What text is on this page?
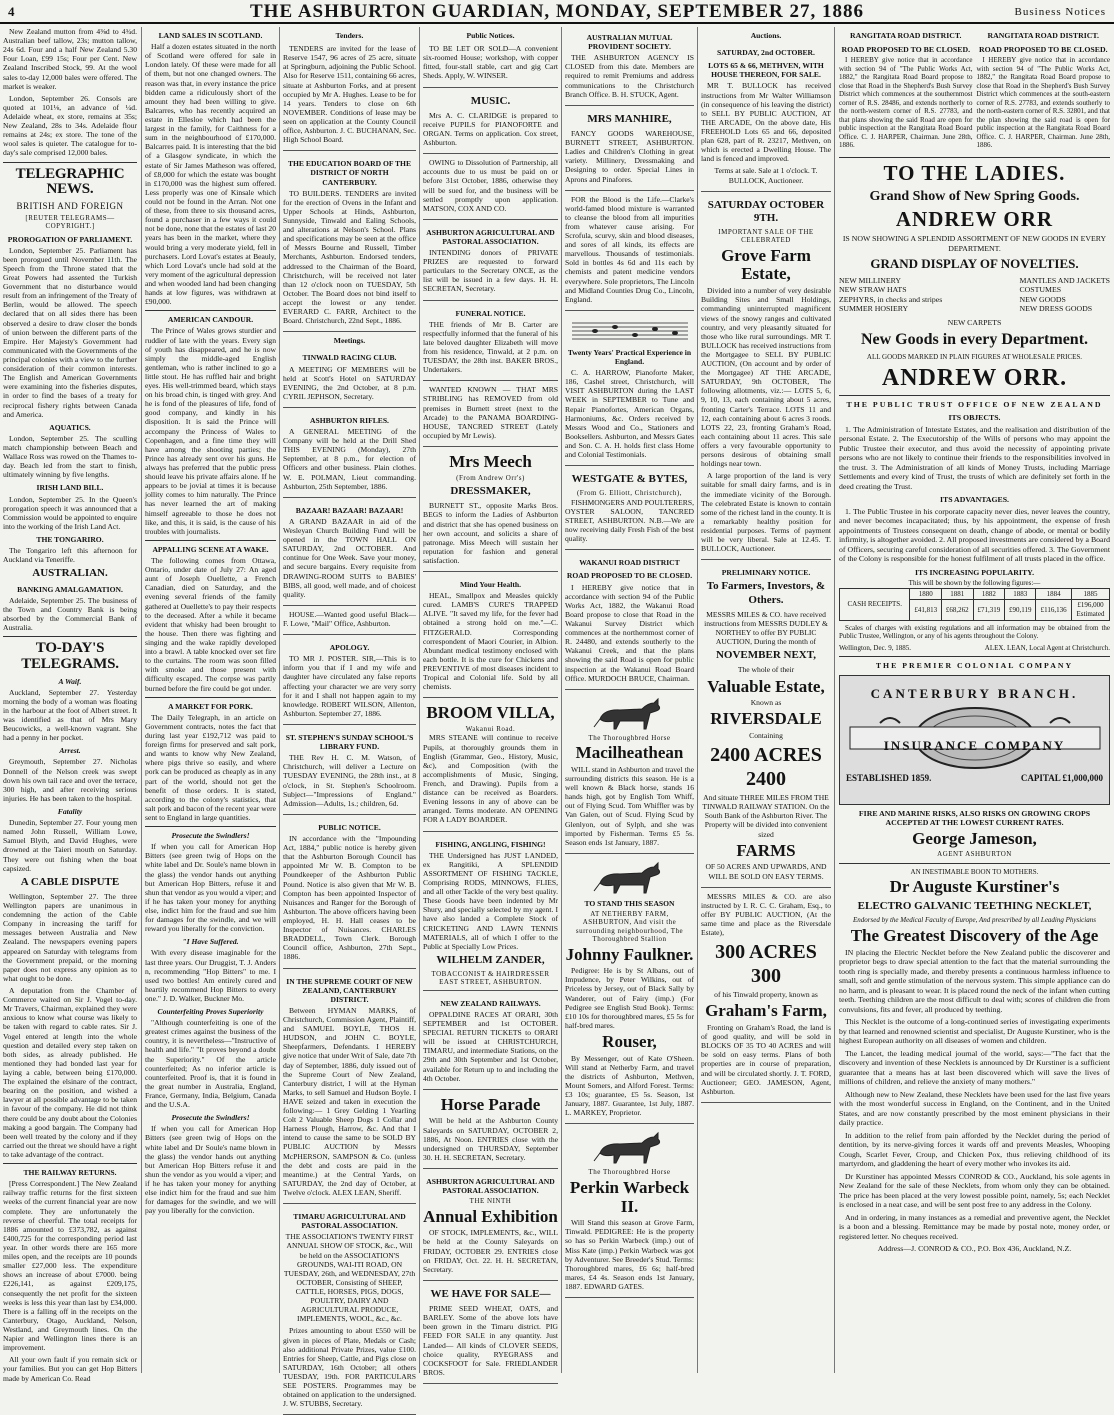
4	THE ASHBURTON GUARDIAN, MONDAY, SEPTEMBER 27, 1886	Business Notices

New Zealand mutton from 4⅜d to 4¾d. Australian beef tallow, 23s; mutton tallow, 24s 6d. Four and a half New Zealand 5.30 Four Loan, £99 15s; Four per Cent. New Zealand Inscribed Stock, 99. At the wool sales to-day 12,000 bales were offered. The market is weaker.

London, September 26. Consols are quoted at 101⅛, an advance of ¼d. Adelaide wheat, ex store, remains at 35s; New Zealand, 28s to 34s. Adelaide flour remains at 24s; ex store. The tone of the wool sales is quieter. The catalogue for to-day's sale comprised 12,000 bales.

TELEGRAPHIC NEWS.
BRITISH AND FOREIGN
[REUTER TELEGRAMS—COPYRIGHT.]
PROROGATION OF PARLIAMENT.

London, September 25. Parliament has been prorogued until November 11th. The Speech from the Throne stated that the Great Powers had assented the Turkish Government that no disturbance would result from an infringement of the Treaty of Berlin, would be allowed. The speech declared that on all sides there has been observed a desire to draw closer the bonds of union between the different parts of the Empire. Her Majesty's Government had communicated with the Governments of the principal colonies with a view to the further consideration of their common interests. The English and American Governments were examining into the fisheries disputes, in order to find the bases of a treaty for reciprocal fishery rights between Canada and America.

AQUATICS.

London, September 25. The sculling match championship between Beach and Wallace Ross was rowed on the Thames to-day. Beach led from the start to finish, ultimately winning by five lengths.

IRISH LAND BILL.

London, September 25. In the Queen's prorogation speech it was announced that a Commission would be appointed to enquire into the working of the Irish Land Act.

THE TONGARIRO.

The Tongariro left this afternoon for Auckland via Teneriffe.

AUSTRALIAN.
BANKING AMALGAMATION.

Adelaide, September 25. The business of the Town and Country Bank is being absorbed by the Commercial Bank of Australia.

TO-DAY'S TELEGRAMS.
A Waif.

Auckland, September 27. Yesterday morning the body of a woman was floating in the harbour at the foot of Albert street. It was identified as that of Mrs Mary Beucowicks, a well-known vagrant. She had a penny in her pocket.

Arrest.

Greymouth, September 27. Nicholas Donnell of the Nelson creek was swept down his own tail race and over the terrace, 300 high, and after receiving serious injuries. He has been taken to the hospital.

Fatality

Dunedin, September 27. Four young men named John Russell, William Lowe, Samuel Blyth, and David Hughes, were drowned at the Taieri mouth on Saturday. They were out fishing when the boat capsized.

A CABLE DISPUTE

Wellington, September 27. The three Wellington papers are unanimous in condemning the action of the Cable Company in increasing the tariff for messages between Australia and New Zealand. The newspapers evening papers appeared on Saturday with telegrams from the Government prepaid, or the morning paper does not express any opinion as to what ought to be done.

A deputation from the Chamber of Commerce waited on Sir J. Vogel to-day. Mr Travers, Chairman, explained they were anxious to know what course was likely to be taken with regard to cable rates. Sir J. Vogel entered at length into the whole question and detailed every step taken on both sides, as already published. He mentioned they had bonded last year for laying a cable, between being £170,000. The explained the elsinare of the contract, bearing on the position, and wished a lawyer at all possible advantage to be taken in favour of the company. He did not think there could be any doubt about the Colonies making a good bargain. The Company had been well treated by the colony and if they carried out the threat we should have a right to take advantage of the contract.

THE RAILWAY RETURNS.

[Press Correspondent.] The New Zealand railway traffic returns for the first sixteen weeks of the current financial year are now complete. They are unfortunately the reverse of cheerful. The total receipts for 1886 amounted to £373,782, as against £400,725 for the corresponding period last year. In other words there are 165 more miles open, and the receipts are 10 pounds smaller £27,000 less. The expenditure shows an increase of about £7000. being £226,141, as against £209,175, consequently the net profit for the sixteen weeks is less this year than last by £34,000. There is a falling off in the receipts on the Canterbury, Otago, Auckland, Nelson, Westland, and Greymouth lines. On the Napier and Wellington lines there is an improvement.

All your own fault if you remain sick or your families. But you can get Hop Bitters made by American Co. Read

LAND SALES IN SCOTLAND.

Half a dozen estates situated in the north of Scotland were offered for sale in London lately. Of these were made for all of them, but not one changed owners. The reason was that, in every instance the price bidden came a ridiculously short of the amount they had been willing to give. Balcarres, who has recently acquired an estate in Ellesloe which had been the largest in the family, for Caithness for a sum in the neighbourhood of £170,000. Balcarres paid. It is interesting that the bid of a Glasgow syndicate, in which the estate of Sir James Matheson was offered, of £8,000 for which the estate was bought in £170,000 was the highest sum offered. Less properly was one of Kinsale which could not be found in the Arran. Not one of these, from three to six thousand acres, found a purchaser in a few ways it could not be done, none that the estates of last 20 years has been in the market, where they would bring a very moderate yield, fell in purchasers. Lord Lovat's estates at Beauly, which Lord Lovat's uncle had sold at the very moment of the agricultural depression and when wooded land had been changing hands at low figures, was withdrawn at £90,000.

AMERICAN CANDOUR.

The Prince of Wales grows sturdier and ruddier of late with the years. Every sign of youth has disappeared, and he is now simply the middle-aged English gentleman, who is rather inclined to go a little stout. He has ruffled hair and bright eyes. His well-trimmed beard, which stays on his broad chin, is tinged with grey. And he is fond of the pleasures of life, fond of good company, and kindly in his disposition. It is said the Prince will accompany the Princess of Wales to Copenhagen, and a fine time they will have among the shooting parties; the Prince has already sent over his guns. He always has preferred that the public press should leave his private affairs alone. If he appears to be jovial at times it is because jollity comes to him naturally. The Prince has never learned the art of making himself agreeable to those he does not like, and this, it is said, is the cause of his troubles with journalists.

APPALLING SCENE AT A WAKE.

The following comes from Ottawa, Ontario, under date of July 27: An aged aunt of Joseph Ouellette, a French Canadian, died on Saturday, and the evening several friends of the family gathered at Ouellette's to pay their respects to the deceased. After a while it became evident that whisky had been brought to the house. Then there was fighting and singing and the wake rapidly developed into a brawl. A table knocked over set fire to the curtains. The room was soon filled with smoke and those present with difficulty escaped. The corpse was partly burned before the fire could be got under.

A MARKET FOR PORK.

The Daily Telegraph, in an article on Government contracts, notes the fact that during last year £192,712 was paid to foreign firms for preserved and salt pork, and wants to know why New Zealand, where pigs thrive so easily, and where pork can be produced as cheaply as in any part of the world, should not get the benefit of those orders. It is stated, according to the colony's statistics, that salt pork and bacon of the recent year were sent to England in large quantities.

Prosecute the Swindlers!

If when you call for American Hop Bitters (see green twig of Hops on the white label and Dr. Soule's name blown in the glass) the vendor hands out anything but American Hop Bitters, refuse it and shun that vendor as you would a viper; and if he has taken your money for anything else, indict him for the fraud and sue him for damages for the swindle, and we will reward you liberally for the conviction.

"I Have Suffered.

With every disease imaginable for the last three years. Our Druggist, T. J. Anders n, recommending "Hop Bitters" to me. I used two bottles! Am entirely cured and heartily recommend Hop Bitters to every one." J. D. Walker, Buckner Mo.

Counterfeiting Proves Superiority

"Although counterfeiting is one of the greatest crimes against the business of the country, it is nevertheless—"Instructive of health and life." "It proves beyond a doubt the Superiority." Of the article counterfeited; As no inferior article is counterfeited. Proof is, that it is found in the great number in Australia, England, France, Germany, India, Belgium, Canada and the U.S.A.

Prosecute the Swindlers!

If when you call for American Hop Bitters (see green twig of Hops on the white label and Dr Soule's name blown in the glass) the vendor hands out anything but American Hop Bitters refuse it and shun the vendor as you would a viper; and if he has taken your money for anything else indict him for the fraud and sue him for damages for the swindle, and we will pay you liberally for the conviction.

Tenders.

TENDERS are invited for the lease of Reserve 1547, 96 acres of 25 acre, situate at Springburn, adjoining the Public School. Also for Reserve 1511, containing 66 acres, situate at Ashburton Forks, and at present occupied by Mr A. Hughes. Lease to be for 14 years. Tenders to close on 6th NOVEMBER. Conditions of lease may be seen on application at the County Council office, Ashburton. J. C. BUCHANAN, Sec. High School Board.

THE EDUCATION BOARD OF THE DISTRICT OF NORTH CANTERBURY.

TO BUILDERS. TENDERS are invited for the erection of Ovens in the Infant and Upper Schools at Hinds, Ashburton, Sunnyside, Tinwald and Ealing Schools, and alterations at Nelson's School. Plans and specifications may be seen at the office of Messrs Bourne and Russell, Timber Merchants, Ashburton. Endorsed tenders, addressed to the Chairman of the Board, Christchurch, will be received not later than 12 o'clock noon on TUESDAY, 5th October. The Board does not bind itself to accept the lowest or any tender. EVERARD C. FARR, Architect to the Board. Christchurch, 22nd Sept., 1886.

Meetings.
TINWALD RACING CLUB.

A MEETING OF MEMBERS will be held at Scott's Hotel on SATURDAY EVENING, the 2nd October, at 8 p.m. CYRIL JEPHSON, Secretary.

ASHBURTON RIFLES.

A GENERAL MEETING of the Company will be held at the Drill Shed THIS EVENING (Monday), 27th September, at 8 p.m., for election of Officers and other business. Plain clothes. W. E. POLMAN, Lieut commanding. Ashburton, 25th September, 1886.

BAZAAR! BAZAAR! BAZAAR!

A GRAND BAZAAR in aid of the Wesleyan Church Building Fund will be opened in the TOWN HALL ON SATURDAY, 2nd OCTOBER. And continue for One Week. Save your money, and secure bargains. Every requisite from DRAWING-ROOM SUITS to BABIES' BIBS, all good, well made, and of choicest quality.

HOUSE.—Wanted good useful Black—F. Lowe, "Mail" Office, Ashburton.

APOLOGY.

TO MR J. POSTER. SIR,—This is to inform you that if I and my wife and daughter have circulated any false reports affecting your character we are very sorry for it and I shall not happen again to my knowledge. ROBERT WILSON, Allenton, Ashburton. September 27, 1886.

ST. STEPHEN'S SUNDAY SCHOOL'S LIBRARY FUND.

THE Rev H. C. M. Watson, of Christchurch, will deliver a Lecture on TUESDAY EVENING, the 28th inst., at 8 o'clock, in St. Stephen's Schoolroom. Subject—"Impressions of England." Admission—Adults, 1s.; children, 6d.

PUBLIC NOTICE.

IN accordance with the "Impounding Act, 1884," public notice is hereby given that the Ashburton Borough Council has appointed Mr W. B. Compton to be Poundkeeper of the Ashburton Public Pound. Notice is also given that Mr W. B. Compton has been appointed Inspector of Nuisances and Ranger for the Borough of Ashburton. The above officers having been employed, H. H. Hall ceases to be Inspector of Nuisances. CHARLES BRADDELL, Town Clerk. Borough Council office, Ashburton, 27th Sept., 1886.

IN THE SUPREME COURT OF NEW ZEALAND, CANTERBURY DISTRICT.

Between HYMAN MARKS, of Christchurch, Commission Agent, Plaintiff, and SAMUEL BOYLE, THOS H. HUDSON, and JOHN C. BOYLE, Sheepfarmers, Defendants. I HEREBY give notice that under Writ of Sale, date 7th day of September, 1886, duly issued out of the Supreme Court of New Zealand, Canterbury district, I will at the Hyman Marks, to sell Samuel and Hudson Boyle. I HAVE seized and taken in execution the following:— 1 Grey Gelding 1 Yearling Colt 2 Valuable Sheep Dogs 1 Collar and Harness Plough, Harrow, &c. And that I intend to cause the same to be SOLD BY PUBLIC AUCTION by Messrs McPHERSON, SAMPSON & Co. (unless the debt and costs are paid in the meantime.) at the Central Yards, on SATURDAY, the 2nd day of October, at Twelve o'clock. ALEX LEAN, Sheriff.

TIMARU AGRICULTURAL AND PASTORAL ASSOCIATION.

THE ASSOCIATION'S TWENTY FIRST ANNUAL SHOW OF STOCK, &c., Will be held on the ASSOCIATION'S GROUNDS, WAI-ITI ROAD, ON TUESDAY, 26th, and WEDNESDAY, 27th OCTOBER, Consisting of SHEEP, CATTLE, HORSES, PIGS, DOGS, POULTRY, DAIRY AND AGRICULTURAL PRODUCE, IMPLEMENTS, WOOL, &c., &c.

Prizes amounting to about £550 will be given in pieces of Plate, Medals or Cash; also additional Private Prizes, value £100. Entries for Sheep, Cattle, and Pigs close on SATURDAY, 16th October; all others TUESDAY, 19th. FOR PARTICULARS SEE POSTERS. Programmes may be obtained on application to the undersigned. J. W. STUBBS, Secretary.

Public Notices.

TO BE LET OR SOLD—A convenient six-roomed House; workshop, with copper fitted, four-stall stable, cart and gig Cart Sheds. Apply, W. WINSER.

MUSIC.

Mrs A. C. CLARIDGE is prepared to receive PUPILS for PIANOFORTE and ORGAN. Terms on application. Cox street, Ashburton.

OWING to Dissolution of Partnership, all accounts due to us must be paid on or before 31st October, 1886, otherwise they will be sued for, and the business will be settled promptly upon application. MATSON, COX AND CO.

ASHBURTON AGRICULTURAL AND PASTORAL ASSOCIATION.

INTENDING donors of PRIVATE PRIZES are requested to forward particulars to the Secretary ONCE, as the list will be issued in a few days. H. H. SECRETAN, Secretary.

FUNERAL NOTICE.

THE friends of Mr B. Carter are respectfully informed that the funeral of his late beloved daughter Elizabeth will move from his residence, Tinwald, at 2 p.m. on TUESDAY, the 28th inst. BAKER BROS., Undertakers.

WANTED KNOWN — THAT MRS STRIBLING has REMOVED from old premises in Burnett street (next to the Arcade) to the PANAMA BOARDING-HOUSE, TANCRED STREET (Lately occupied by Mr Lewis).

Mrs Meech
(From Andrew Orr's)
DRESSMAKER,

BURNETT ST., opposite Marks Bros. BEGS to inform the Ladies of Ashburton and district that she has opened business on her own account, and solicits a share of patronage. Miss Meech will sustain her reputation for fashion and general satisfaction.

Mind Your Health.

HEAL, Smallpox and Measles quickly cured. LAMB'S CURE'S TRAPPED ALIVE. "It saved my life, for the fever had obtained a strong hold on me."—C. FITZGERALD. Corresponding correspondent of Maori Courier, in Albion. Abundant medical testimony enclosed with each bottle. It is the cure for Chickens and PREVENTIVE of most diseases incident to Tropical and Colonial life. Sold by all chemists.

BROOM VILLA,
Wakanui Road.

MRS STEANE will continue to receive Pupils, at thoroughly grounds them in English (Grammar, Geo., History, Music, &c), and Composition (with the accomplishments of Music, Singing, French, and Drawing). Pupils from a distance can be received as Boarders. Evening lessons in any of above can be arranged. Terms moderate. AN OPENING FOR A LADY BOARDER.

FISHING, ANGLING, FISHING!

THE Undersigned has JUST LANDED, ex Rangitiki, A SPLENDID ASSORTMENT OF FISHING TACKLE, Comprising RODS, MINNOWS, FLIES, and all other Tackle of the very best quality. These Goods have been indented by Mr Shury, and specially selected by my agent. I have also landed a Complete Stock of CRICKETING AND LAWN TENNIS MATERIALS, all of which I offer to the Public at Specially Low Prices.

WILHELM ZANDER,
TOBACCONIST & HAIRDRESSER EAST STREET, ASHBURTON.
NEW ZEALAND RAILWAYS.

OPPALDINE RACES AT ORARI, 30th SEPTEMBER and 1st OCTOBER. SPECIAL RETURN TICKETS to ORARI will be issued at CHRISTCHURCH, TIMARU, and intermediate Stations, on the 29th and 30th September and 1st October, available for Return up to and including the 4th October.

Horse Parade

Will be held at the Ashburton County Saleyards on SATURDAY, OCTOBER 2, 1886, At Noon. ENTRIES close with the undersigned on THURSDAY, September 30. H. H. SECRETAN, Secretary.

ASHBURTON AGRICULTURAL AND PASTORAL ASSOCIATION.
THE NINTH
Annual Exhibition

OF STOCK, IMPLEMENTS, &c., WILL be held at the County Saleyards on FRIDAY, OCTOBER 29. ENTRIES close on FRIDAY, Oct. 22. H. H. SECRETAN, Secretary.

WE HAVE FOR SALE—

PRIME SEED WHEAT, OATS, and BARLEY. Some of the above lots have been grown in the Timaru district. PIG FEED FOR SALE in any quantity. Just Landed— All kinds of CLOVER SEEDS, choice quality, RYEGRASS and COCKSFOOT for Sale. FRIEDLANDER BROS.

AUSTRALIAN MUTUAL PROVIDENT SOCIETY.

THE ASHBURTON AGENCY IS CLOSED from this date. Members are required to remit Premiums and address communications to the Christchurch Branch Office. B. H. STUCK, Agent.

MRS MANHIRE,

FANCY GOODS WAREHOUSE, BURNETT STREET, ASHBURTON. Ladies and Children's Clothing in great variety. Millinery, Dressmaking and Designing to order. Special Lines in Aprons and Pinafores.

FOR the Blood is the Life.—Clarke's world-famed blood mixture is warranted to cleanse the blood from all impurities from whatever cause arising. For Scrofula, scurvy, skin and blood diseases, and sores of all kinds, its effects are marvellous. Thousands of testimonials. Sold in bottles 4s 6d and 11s each by chemists and patent medicine vendors everywhere. Sole proprietors, The Lincoln and Midland Counties Drug Co., Lincoln, England.

Twenty Years' Practical Experience in England.

C. A. HARROW, Pianoforte Maker, 186, Cashel street, Christchurch, will VISIT ASHBURTON during the LAST WEEK in SEPTEMBER to Tune and Repair Pianofortes, American Organs, Harmoniums, &c. Orders received by Messrs Wood and Co., Stationers and Booksellers. Ashburton, and Messrs Gates and Son. C. A. H. holds first class Home and Colonial Testimonials.

WESTGATE & BYTES,
(From G. Elliott, Christchurch),

FISHMONGERS AND POULTERERS, OYSTER SALOON, TANCRED STREET, ASHBURTON. N.B.—We are now receiving daily Fresh Fish of the best quality.

WAKANUI ROAD DISTRICT
ROAD PROPOSED TO BE CLOSED.

I HEREBY give notice that in accordance with section 94 of the Public Works Act, 1882, the Wakanui Road Board propose to close that Road in the Wakanui Survey District which commences at the northernmost corner of R. 24480, and extends southerly to the Wakanui Creek, and that the plans showing the said Road is open for public inspection at the Wakanui Road Board Office. MURDOCH BRUCE, Chairman.

The Thoroughbred Horse
Macilheathean

WILL stand in Ashburton and travel the surrounding districts this season. He is a well known & Black horse, stands 16 hands high, got by English Tom Whiff, out of Flying Scud. Tom Whiffler was by Van Galen, out of Scud. Flying Scud by Glenlyon, out of Sylph, and she was imported by Fisherman. Terms £5 5s. Season ends 1st January, 1887.

TO STAND THIS SEASON
AT NETHERBY FARM, ASHBURTON, And visit the surrounding neighbourhood, The Thoroughbred Stallion
Johnny Faulkner.

Pedigree: He is by St Albans, out of Impudence, by Peter Wilkins, out of Priceless by Jersey, out of Black Sally by Wanderer, out of Fairy (imp.) (For Pedigree see English Stud Book). Terms: £10 10s for thoroughbred mares, £5 5s for half-bred mares.

Rouser,

By Messenger, out of Kate O'Sheen. Will stand at Netherby Farm, and travel the districts of Ashburton, Methven, Mount Somers, and Alford Forest. Terms: £3 10s; guarantee, £5 5s. Season, 1st January, 1887. Guarantee, 1st July, 1887. L. MARKEY, Proprietor.

The Thoroughbred Horse
Perkin Warbeck II.

Will Stand this season at Grove Farm, Tinwald. PEDIGREE: He is the property so has so Perkin Warbeck (imp.) out of Miss Kate (imp.) Perkin Warbeck was got by Adventurer. See Breeder's Stud. Terms: Thoroughbred mares, £6 6s; half-bred mares, £4 4s. Season ends 1st January, 1887. EDWARD GATES.

Auctions.
SATURDAY, 2nd OCTOBER.
LOTS 65 & 66, METHVEN, WITH HOUSE THEREON, FOR SALE.

MR T. BULLOCK has received instructions from Mr Walter Williamson (in consequence of his leaving the district) to SELL BY PUBLIC AUCTION, AT THE ARCADE, On the above date, His FREEHOLD Lots 65 and 66, deposited plan 628, part of R. 23217, Methven, on which is erected a Dwelling House. The land is fenced and improved.

Terms at sale. Sale at 1 o'clock. T. BULLOCK, Auctioneer.

SATURDAY OCTOBER 9TH.
IMPORTANT SALE OF THE CELEBRATED
Grove Farm Estate,

Divided into a number of very desirable Building Sites and Small Holdings, commanding uninterrupted magnificent views of the snowy ranges and cultivated country, and very pleasantly situated for those who like rural surroundings. MR T. BULLOCK has received instructions from the Mortgagee to SELL BY PUBLIC AUCTION, (On account and by order of the Mortgagee) AT THE ARCADE, SATURDAY, 9th OCTOBER, The following allotments, viz.:— LOTS 5, 6, 9, 10, 13, each containing about 5 acres, fronting Carter's Terrace. LOTS 11 and 12, each containing about 6 acres 3 roods. LOTS 22, 23, fronting Graham's Road, each containing about 11 acres. This sale offers a very favourable opportunity to persons desirous of obtaining small holdings near town.

A large proportion of the land is very suitable for small dairy farms, and is in the immediate vicinity of the Borough. The celebrated Estate is known to contain some of the richest land in the county. It is a remarkably healthy position for residential purposes. Terms of payment will be very liberal. Sale at 12.45. T. BULLOCK, Auctioneer.

PRELIMINARY NOTICE.
To Farmers, Investors, & Others.

MESSRS MILES & CO. have received instructions from MESSRS DUDLEY & NORTHEY to offer BY PUBLIC AUCTION, During the month of

NOVEMBER NEXT,

The whole of their

Valuable Estate,

Known as

RIVERSDALE

Containing

2400 ACRES 2400

And situate THREE MILES FROM THE TINWALD RAILWAY STATION. On the South Bank of the Ashburton River. The Property will be divided into convenient sized

FARMS

OF 50 ACRES AND UPWARDS, AND WILL BE SOLD ON EASY TERMS.

MESSRS MILES & CO. are also instructed by I. R. C. C. Graham, Esq., to offer BY PUBLIC AUCTION, (At the same time and place as the Riversdale Estate),

300 ACRES 300

of his Tinwald property, known as

Graham's Farm,

Fronting on Graham's Road, the land is of good quality, and will be sold in BLOCKS OF 35 TO 40 ACRES and will be sold on easy terms. Plans of both properties are in course of preparation, and will be circulated shortly. J. T. FORD, Auctioneer; GEO. JAMESON, Agent, Ashburton.

RANGITATA ROAD DISTRICT.
ROAD PROPOSED TO BE CLOSED.

I HEREBY give notice that in accordance with section 94 of "The Public Works Act, 1882," the Rangitata Road Board propose to close that Road in the Shepherd's Bush Survey District which commences at the southernmost corner of R.S. 28486, and extends northerly to the north-western corner of R.S. 27783, and that plans showing the said Road are open for public inspection at the Rangitata Road Board Office. C. J. HARPER, Chairman. June 28th, 1886.

RANGITATA ROAD DISTRICT.
ROAD PROPOSED TO BE CLOSED.

I HEREBY give notice that in accordance with section 94 of "The Public Works Act, 1882," the Rangitata Road Board propose to close that Road in the Shepherd's Bush Survey District which commences at the south-eastern corner of R.S. 27783, and extends southerly to the north-eastern corner of R.S. 32801, and that the plan showing the said road is open for public inspection at the Rangitata Road Board Office. C. J. HARPER, Chairman. June 28th, 1886.

TO THE LADIES.
Grand Show of New Spring Goods.
ANDREW ORR

IS NOW SHOWING A SPLENDID ASSORTMENT OF NEW GOODS IN EVERY DEPARTMENT.

GRAND DISPLAY OF NOVELTIES.
NEW MILLINERY
NEW STRAW HATS
ZEPHYRS, in checks and stripes
SUMMER HOSIERY
MANTLES AND JACKETS
COSTUMES
NEW GOODS
NEW DRESS GOODS
NEW CARPETS
New Goods in every Department.
ALL GOODS MARKED IN PLAIN FIGURES AT WHOLESALE PRICES.
ANDREW ORR.
THE PUBLIC TRUST OFFICE OF NEW ZEALAND
ITS OBJECTS.

1. The Administration of Intestate Estates, and the realisation and distribution of the personal Estate. 2. The Executorship of the Wills of persons who may appoint the Public Trustee their executor, and thus avoid the necessity of appointing private persons who are not likely to continue their friends to the responsibilities involved in the trust. 3. The Administration of all kinds of Money Trusts, including Marriage Settlements and every kind of Trust, the trusts of which are definitely set forth in the deed creating the Trust.

ITS ADVANTAGES.

1. The Public Trustee in his corporate capacity never dies, never leaves the country, and never becomes incapacitated; thus, by his appointment, the expense of fresh appointments of Trustees consequent on death, change of abode, or mental or bodily infirmity, is altogether avoided. 2. All proposed investments are considered by a Board of Officers, securing careful consideration of all securities offered. 3. The Government of the Colony is responsible for the honest fulfilment of all trusts placed in the office.

ITS INCREASING POPULARITY.
This will be shown by the following figures:—
CASH RECEIPTS.	1880	1881	1882	1883	1884	1885
	£41,813	£68,262	£71,319	£90,119	£116,136	£196,000
Estimated

Scales of charges with existing regulations and all information may be obtained from the Public Trustee, Wellington, or any of his agents throughout the Colony.

Wellington, Dec. 9, 1885.	ALEX. LEAN, Local Agent at Christchurch.
THE PREMIER COLONIAL COMPANY
CANTERBURY BRANCH.
INSURANCE COMPANY
ESTABLISHED 1859.	CAPITAL £1,000,000
FIRE AND MARINE RISKS, ALSO RISKS ON GROWING CROPS ACCEPTED AT THE LOWEST CURRENT RATES.
George Jameson,
AGENT ASHBURTON
AN INESTIMABLE BOON TO MOTHERS.
Dr Auguste Kurstiner's
ELECTRO GALVANIC TEETHING NECKLET,
Endorsed by the Medical Faculty of Europe, And prescribed by all Leading Physicians
The Greatest Discovery of the Age

IN placing the Electric Necklet before the New Zealand public the discoverer and proprietor begs to draw special attention to the fact that the material surrounding the tooth ring is specially made, and thereby presents a continuous harmless influence to small, soft and gentle stimulation of the nervous system. This simple appliance can do no harm, and is pleasant to wear. It is placed round the neck of the infant when cutting teeth. Teething children are the most difficult to deal with; scores of children die from convulsions, fits and fever, all produced by teething.

This Necklet is the outcome of a long-continued series of investigating experiments by that learned and renowned scientist and specialist, Dr Auguste Kurstiner, who is the highest European authority on all diseases of women and children.

The Lancet, the leading medical journal of the world, says:—"The fact that the discovery and invention of these Necklets is announced by Dr Kurstiner is a sufficient guarantee that a means has at last been discovered which will save the lives of millions of children, and relieve the anxiety of many mothers."

Although new to New Zealand, these Necklets have been used for the last five years with the most wonderful success in England, on the Continent, and in the United States, and are now constantly prescribed by the most eminent physicians in their daily practice.

In addition to the relief from pain afforded by the Necklet during the period of dentition, by its nerve-giving forces it wards off and prevents Measles, Whooping Cough, Scarlet Fever, Croup, and Chicken Pox, thus relieving childhood of its martyrdom, and gladdening the heart of every mother who invokes its aid.

Dr Kurstiner has appointed Messrs CONROD & CO., Auckland, his sole agents in New Zealand for the sale of these Necklets, from whom only they can be obtained. The price has been placed at the very lowest possible point, namely, 5s; each Necklet is enclosed in a neat case, and will be sent post free to any address in the Colony.

And in ordering, in many instances as a remedial and preventive agent, the Necklet is a boon and a blessing. Remittance may be made by postal note, money order, or registered letter. No cheques received.

Address—J. CONROD & CO., P.O. Box 436, Auckland, N.Z.
